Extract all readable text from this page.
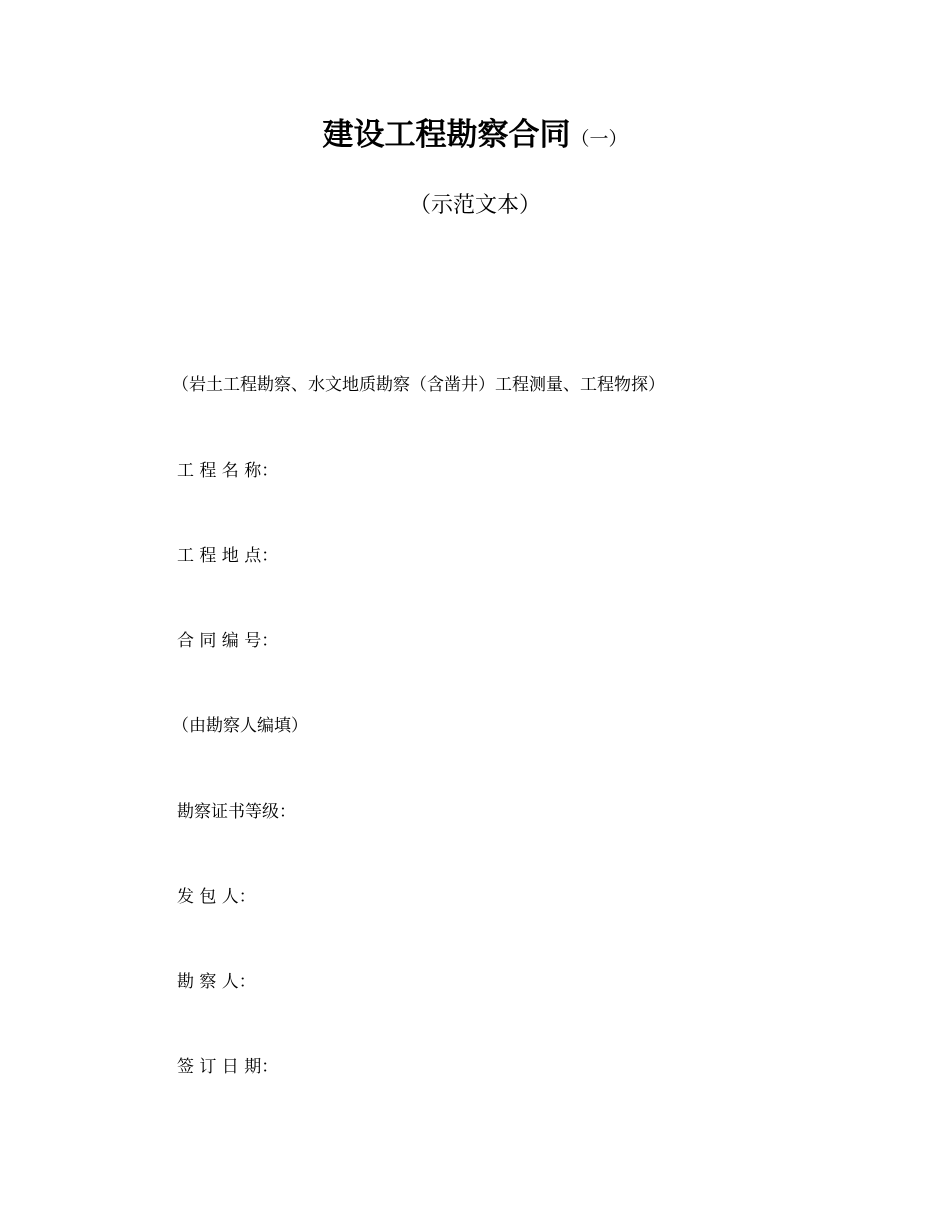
建设工程勘察合同（一）
（示范文本）
（岩土工程勘察、水文地质勘察（含凿井）工程测量、工程物探）
工 程 名 称：
工 程 地 点：
合 同 编 号：
（由勘察人编填）
勘察证书等级：
发 包 人：
勘 察 人：
签 订 日 期：
